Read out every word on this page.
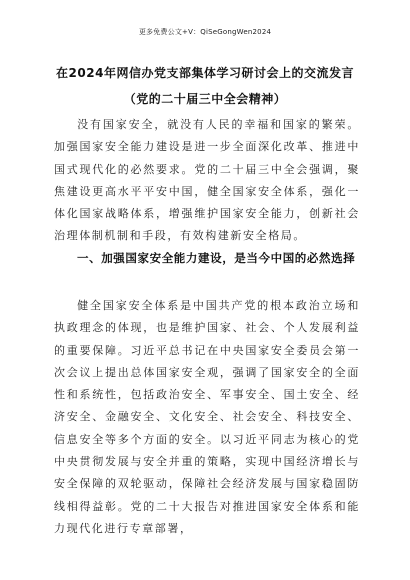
更多免费公文+V：QiSeGongWen2024
在2024年网信办党支部集体学习研讨会上的交流发言（党的二十届三中全会精神）

没有国家安全，就没有人民的幸福和国家的繁荣。加强国家安全能力建设是进一步全面深化改革、推进中国式现代化的必然要求。党的二十届三中全会强调，聚焦建设更高水平平安中国，健全国家安全体系，强化一体化国家战略体系，增强维护国家安全能力，创新社会治理体制机制和手段，有效构建新安全格局。

一、加强国家安全能力建设，是当今中国的必然选择

健全国家安全体系是中国共产党的根本政治立场和执政理念的体现，也是维护国家、社会、个人发展利益的重要保障。习近平总书记在中央国家安全委员会第一次会议上提出总体国家安全观，强调了国家安全的全面性和系统性，包括政治安全、军事安全、国土安全、经济安全、金融安全、文化安全、社会安全、科技安全、信息安全等多个方面的安全。以习近平同志为核心的党中央贯彻发展与安全并重的策略，实现中国经济增长与安全保障的双轮驱动，保障社会经济发展与国家稳固防线相得益彰。党的二十大报告对推进国家安全体系和能力现代化进行专章部署，
